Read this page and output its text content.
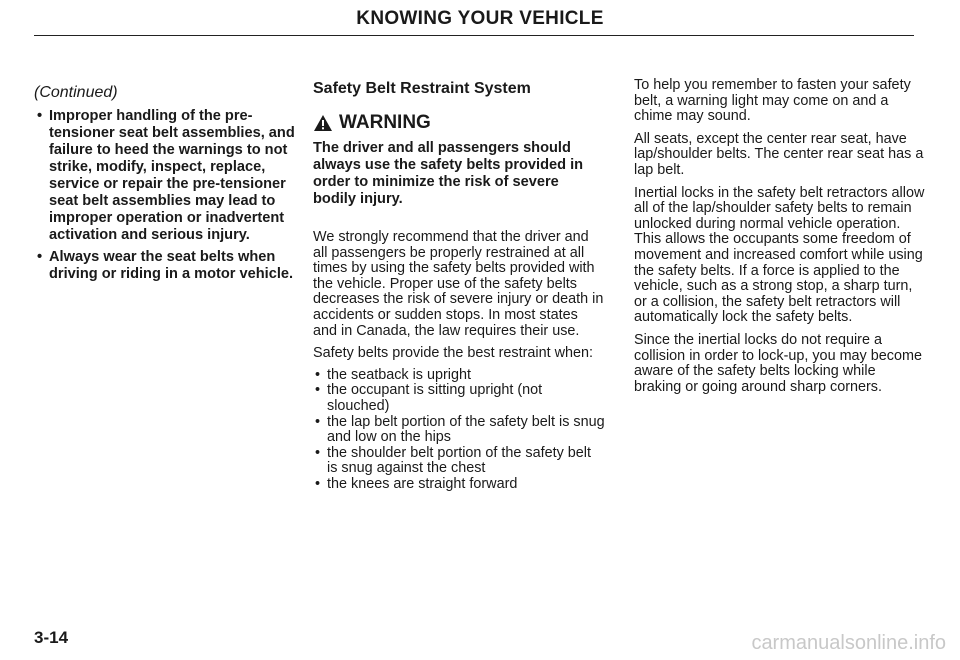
KNOWING YOUR VEHICLE

(Continued)

• Improper handling of the pre-tensioner seat belt assemblies, and failure to heed the warnings to not strike, modify, inspect, replace, service or repair the pre-tensioner seat belt assemblies may lead to improper operation or inadvertent activation and serious injury.
• Always wear the seat belts when driving or riding in a motor vehicle.

Safety Belt Restraint System

WARNING

The driver and all passengers should always use the safety belts provided in order to minimize the risk of severe bodily injury.

We strongly recommend that the driver and all passengers be properly restrained at all times by using the safety belts provided with the vehicle. Proper use of the safety belts decreases the risk of severe injury or death in accidents or sudden stops. In most states and in Canada, the law requires their use.

Safety belts provide the best restraint when:

• the seatback is upright
• the occupant is sitting upright (not slouched)
• the lap belt portion of the safety belt is snug and low on the hips
• the shoulder belt portion of the safety belt is snug against the chest
• the knees are straight forward

To help you remember to fasten your safety belt, a warning light may come on and a chime may sound.

All seats, except the center rear seat, have lap/shoulder belts. The center rear seat has a lap belt.

Inertial locks in the safety belt retractors allow all of the lap/shoulder safety belts to remain unlocked during normal vehicle operation. This allows the occupants some freedom of movement and increased comfort while using the safety belts. If a force is applied to the vehicle, such as a strong stop, a sharp turn, or a collision, the safety belt retractors will automatically lock the safety belts.

Since the inertial locks do not require a collision in order to lock-up, you may become aware of the safety belts locking while braking or going around sharp corners.

3-14	carmanualsonline.info
